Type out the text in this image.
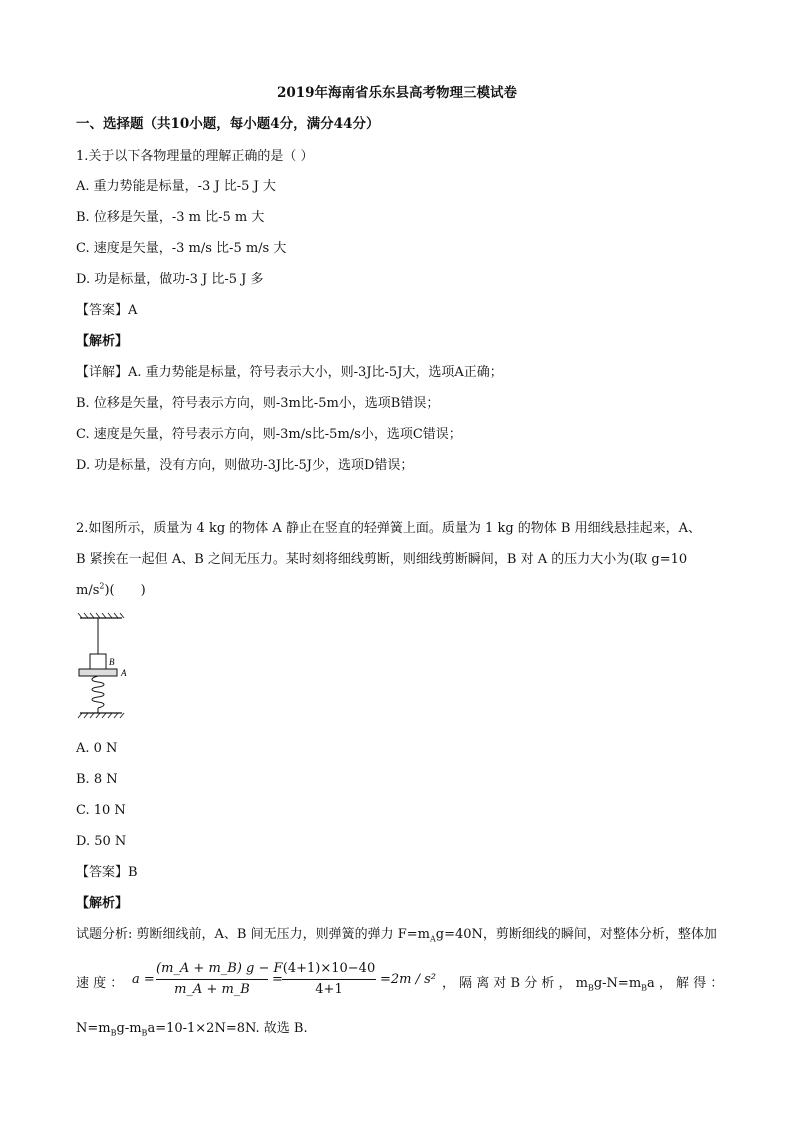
2019年海南省乐东县高考物理三模试卷
一、选择题（共10小题，每小题4分，满分44分）
1.关于以下各物理量的理解正确的是（ ）
A. 重力势能是标量，-3 J 比-5 J 大
B. 位移是矢量，-3 m 比-5 m 大
C. 速度是矢量，-3 m/s 比-5 m/s 大
D. 功是标量，做功-3 J 比-5 J 多
【答案】A
【解析】
【详解】A. 重力势能是标量，符号表示大小，则-3J比-5J大，选项A正确；
B. 位移是矢量，符号表示方向，则-3m比-5m小，选项B错误；
C. 速度是矢量，符号表示方向，则-3m/s比-5m/s小，选项C错误；
D. 功是标量，没有方向，则做功-3J比-5J少，选项D错误；
2.如图所示，质量为 4 kg 的物体 A 静止在竖直的轻弹簧上面。质量为 1 kg 的物体 B 用细线悬挂起来，A、
B 紧挨在一起但 A、B 之间无压力。某时刻将细线剪断，则细线剪断瞬间，B 对 A 的压力大小为(取 g=10
$m/s^2$)(　　)
B
A
A. 0 N
B. 8 N
C. 10 N
D. 50 N
【答案】B
【解析】
试题分析: 剪断细线前，A、B 间无压力，则弹簧的弹力 $F=m_Ag=40N$，剪断细线的瞬间，对整体分析，整体加
速 度 ： a =
(m_A + m_B) g − F
m_A + m_B
=
(4+1)×10−40
4+1
=2m / s² ， 隔 离 对 B 分 析 ， $m_Bg-N=m_Ba$ ， 解 得 ：
$N=m_Bg-m_Ba=10-1\times 2N=8N$. 故选 B.
